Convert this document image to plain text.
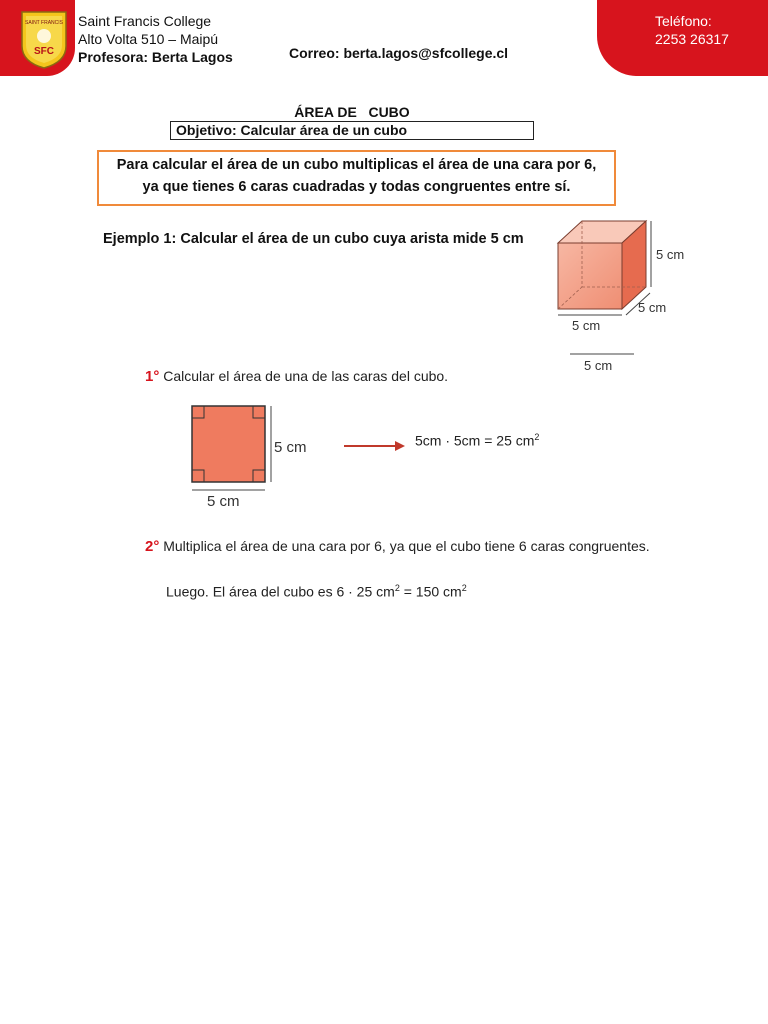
SAINT FRANCIS
SFC
Saint Francis College
Alto Volta 510 – Maipú
Profesora: Berta Lagos	Correo: berta.lagos@sfcollege.cl
Teléfono:
2253 26317
ÁREA DE   CUBO
Objetivo: Calcular área de un cubo
Para calcular el área de un cubo multiplicas el área de una cara por 6,
ya que tienes 6 caras cuadradas y todas congruentes entre sí.
Ejemplo 1: Calcular el área de un cubo cuya arista mide 5 cm
5 cm
5 cm
5 cm
5 cm
1° Calcular el área de una de las caras del cubo.
5 cm
5 cm
5cm · 5cm = 25 $cm^2$
2° Multiplica el área de una cara por 6, ya que el cubo tiene 6 caras congruentes.
Luego. El área del cubo es 6 · 25 $cm^2 = 150$ $cm^2$
